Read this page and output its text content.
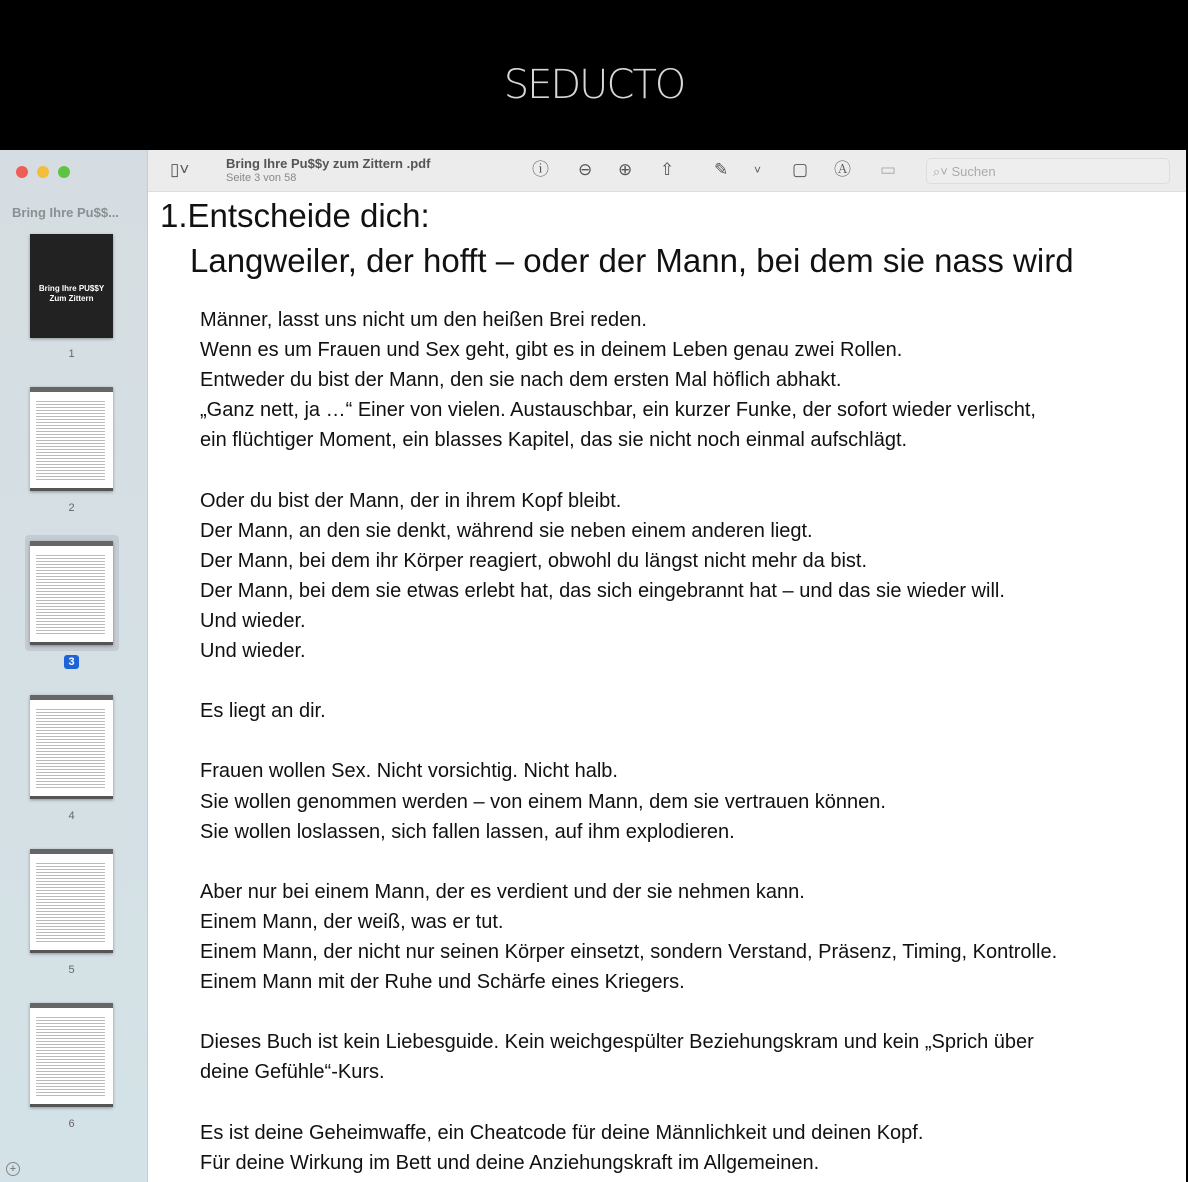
SEDUCTO
Bring Ihre Pu$$...
Bring Ihre PU$$Y Zum Zittern
1
2
3
4
5
6
+
▯˅	Bring Ihre Pu$$y zum Zittern .pdf
Seite 3 von 58	ⓘ ⊖ ⊕ ⇧ ✎ ˅ ▢ Ⓐ ▭	⌕˅ Suchen
1.Entscheide dich:
Langweiler, der hofft – oder der Mann, bei dem sie nass wird
Männer, lasst uns nicht um den heißen Brei reden.
Wenn es um Frauen und Sex geht, gibt es in deinem Leben genau zwei Rollen.
Entweder du bist der Mann, den sie nach dem ersten Mal höflich abhakt.
„Ganz nett, ja …“ Einer von vielen. Austauschbar, ein kurzer Funke, der sofort wieder verlischt,
ein flüchtiger Moment, ein blasses Kapitel, das sie nicht noch einmal aufschlägt.
Oder du bist der Mann, der in ihrem Kopf bleibt.
Der Mann, an den sie denkt, während sie neben einem anderen liegt.
Der Mann, bei dem ihr Körper reagiert, obwohl du längst nicht mehr da bist.
Der Mann, bei dem sie etwas erlebt hat, das sich eingebrannt hat – und das sie wieder will.
Und wieder.
Und wieder.
Es liegt an dir.
Frauen wollen Sex. Nicht vorsichtig. Nicht halb.
Sie wollen genommen werden – von einem Mann, dem sie vertrauen können.
Sie wollen loslassen, sich fallen lassen, auf ihm explodieren.
Aber nur bei einem Mann, der es verdient und der sie nehmen kann.
Einem Mann, der weiß, was er tut.
Einem Mann, der nicht nur seinen Körper einsetzt, sondern Verstand, Präsenz, Timing, Kontrolle.
Einem Mann mit der Ruhe und Schärfe eines Kriegers.
Dieses Buch ist kein Liebesguide. Kein weichgespülter Beziehungskram und kein „Sprich über
deine Gefühle“-Kurs.
Es ist deine Geheimwaffe, ein Cheatcode für deine Männlichkeit und deinen Kopf.
Für deine Wirkung im Bett und deine Anziehungskraft im Allgemeinen.
